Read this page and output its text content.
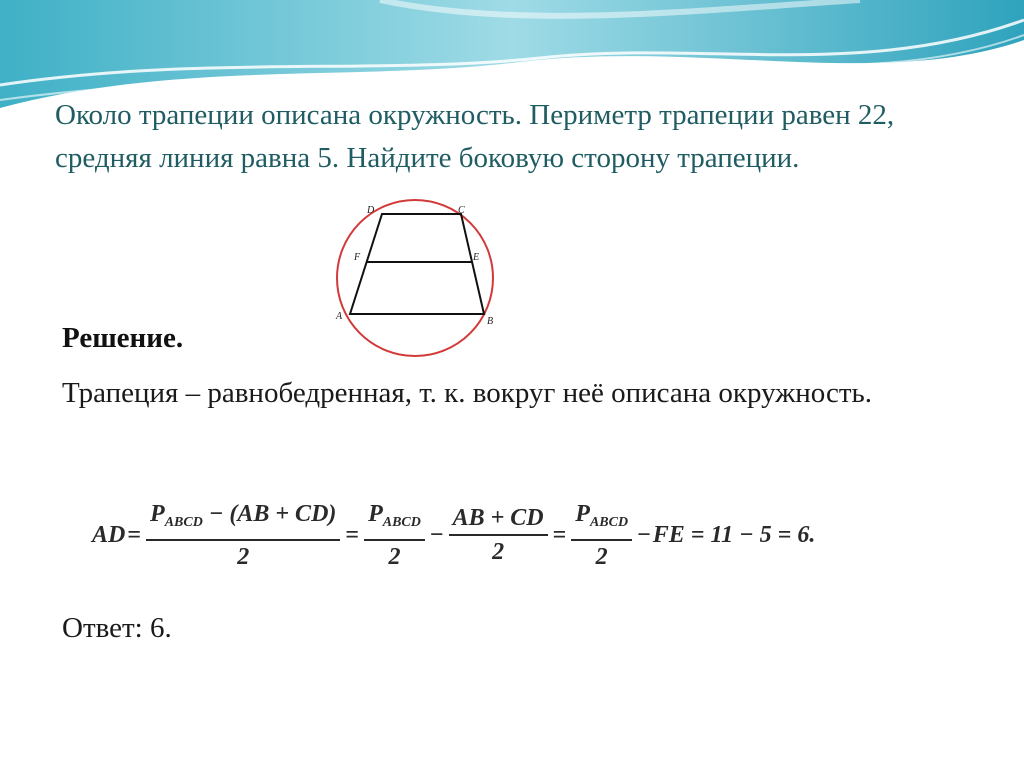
Около трапеции описана окружность. Периметр трапеции равен 22, средняя линия равна 5. Найдите боковую сторону трапеции.

D	C
F	E
A	B
Решение.

Трапеция – равнобедренная, т. к. вокруг неё описана окружность.

AD = $\frac{P_{ABCD} - (AB + CD)}{2} = \frac{P_{ABCD}}{2} - \frac{AB + CD}{2} = \frac{P_{ABCD}}{2}$ − FE = 11 − 5 = 6.
Ответ: 6.
